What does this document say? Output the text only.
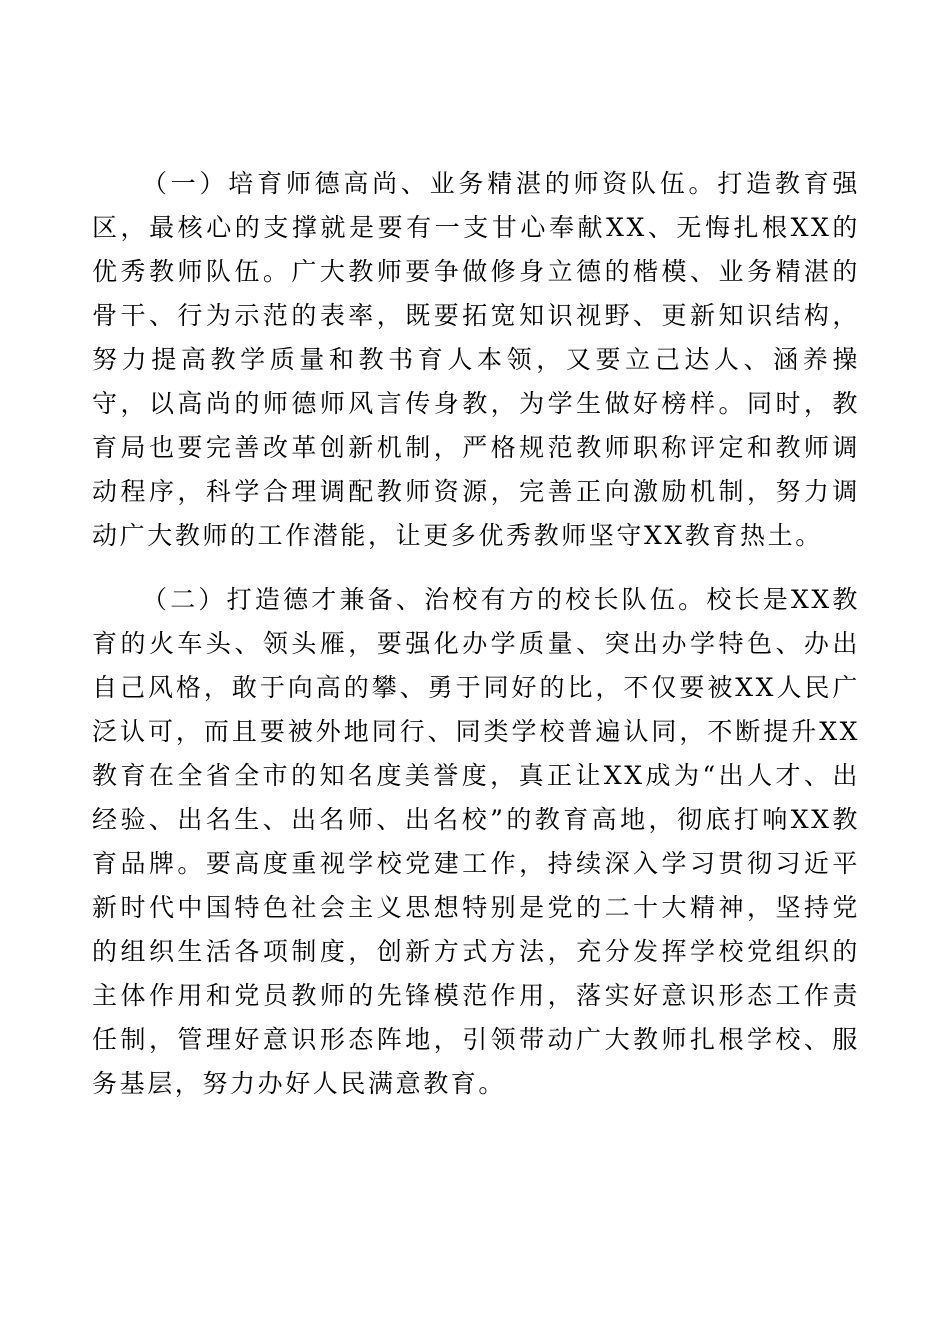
（一）培育师德高尚、业务精湛的师资队伍。打造教育强区，最核心的支撑就是要有一支甘心奉献XX、无悔扎根XX的优秀教师队伍。广大教师要争做修身立德的楷模、业务精湛的骨干、行为示范的表率，既要拓宽知识视野、更新知识结构，努力提高教学质量和教书育人本领，又要立己达人、涵养操守，以高尚的师德师风言传身教，为学生做好榜样。同时，教育局也要完善改革创新机制，严格规范教师职称评定和教师调动程序，科学合理调配教师资源，完善正向激励机制，努力调动广大教师的工作潜能，让更多优秀教师坚守XX教育热土。

（二）打造德才兼备、治校有方的校长队伍。校长是XX教育的火车头、领头雁，要强化办学质量、突出办学特色、办出自己风格，敢于向高的攀、勇于同好的比，不仅要被XX人民广泛认可，而且要被外地同行、同类学校普遍认同，不断提升XX教育在全省全市的知名度美誉度，真正让XX成为“出人才、出经验、出名生、出名师、出名校”的教育高地，彻底打响XX教育品牌。要高度重视学校党建工作，持续深入学习贯彻习近平新时代中国特色社会主义思想特别是党的二十大精神，坚持党的组织生活各项制度，创新方式方法，充分发挥学校党组织的主体作用和党员教师的先锋模范作用，落实好意识形态工作责任制，管理好意识形态阵地，引领带动广大教师扎根学校、服务基层，努力办好人民满意教育。
